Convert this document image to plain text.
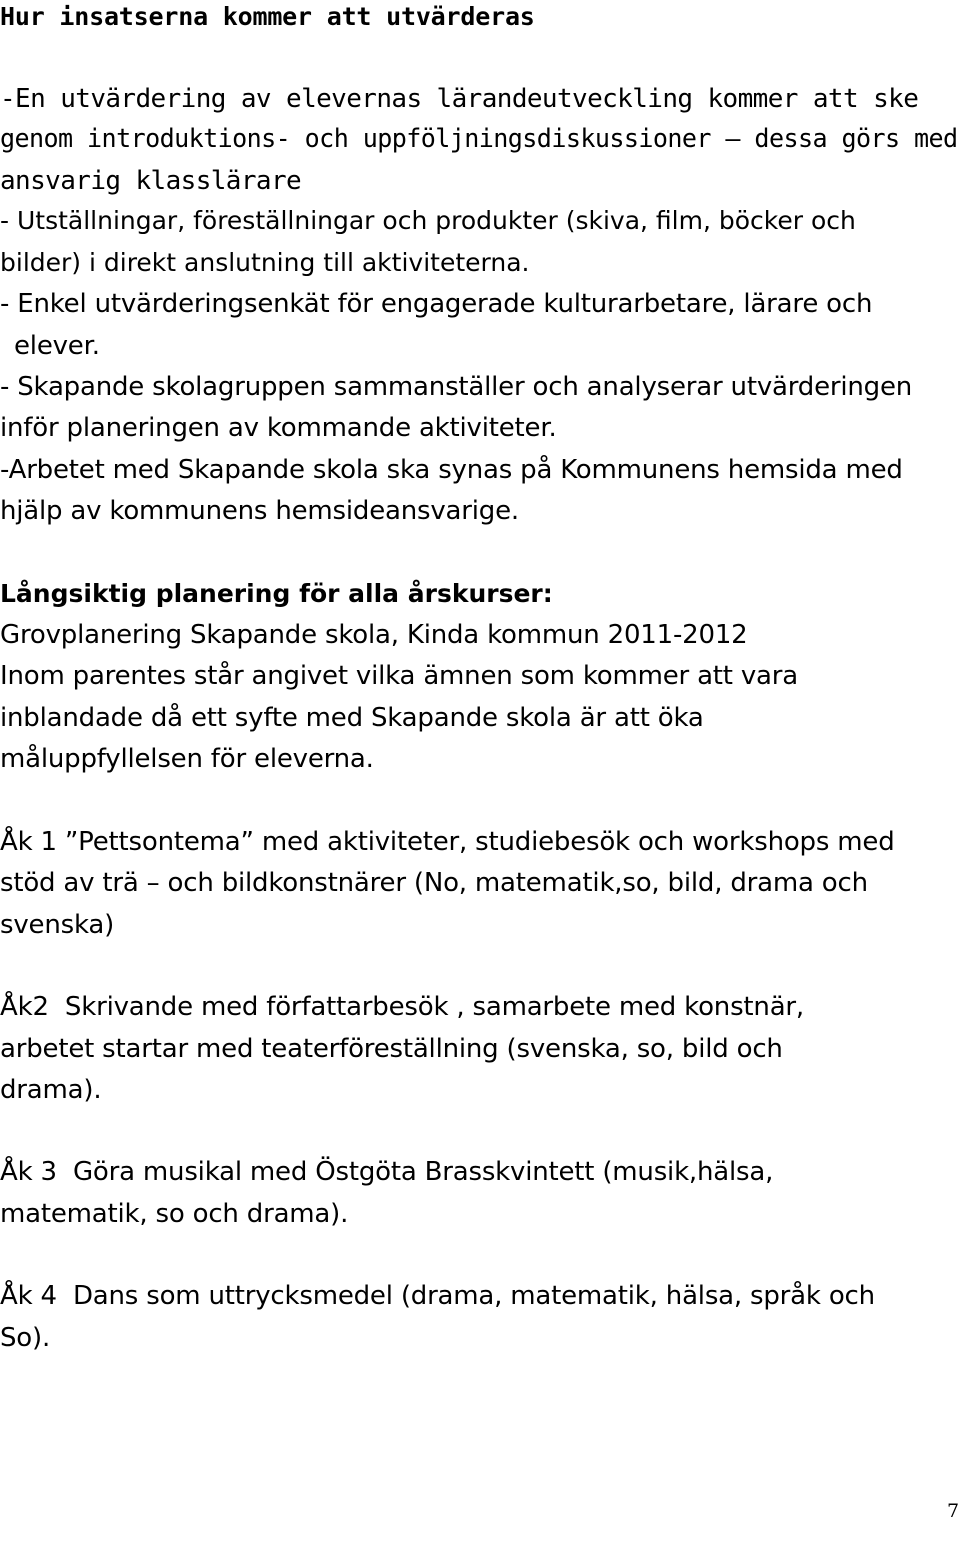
Hur insatserna kommer att utvärderas
-En utvärdering av elevernas lärandeutveckling kommer att ske
genom introduktions- och uppföljningsdiskussioner – dessa görs med
ansvarig klasslärare
- Utställningar, föreställningar och produkter (skiva, film, böcker och
bilder) i direkt anslutning till aktiviteterna.
- Enkel utvärderingsenkät för engagerade kulturarbetare, lärare och
elever.
- Skapande skolagruppen sammanställer och analyserar utvärderingen
inför planeringen av kommande aktiviteter.
-Arbetet med Skapande skola ska synas på Kommunens hemsida med
hjälp av kommunens hemsideansvarige.
Långsiktig planering för alla årskurser:
Grovplanering Skapande skola, Kinda kommun 2011-2012
Inom parentes står angivet vilka ämnen som kommer att vara
inblandade då ett syfte med Skapande skola är att öka
måluppfyllelsen för eleverna.
Åk 1 ”Pettsontema” med aktiviteter, studiebesök och workshops med
stöd av trä – och bildkonstnärer (No, matematik,so, bild, drama och
svenska)
Åk2  Skrivande med författarbesök , samarbete med konstnär,
arbetet startar med teaterföreställning (svenska, so, bild och
drama).
Åk 3  Göra musikal med Östgöta Brasskvintett (musik,hälsa,
matematik, so och drama).
Åk 4  Dans som uttrycksmedel (drama, matematik, hälsa, språk och
So).
7
